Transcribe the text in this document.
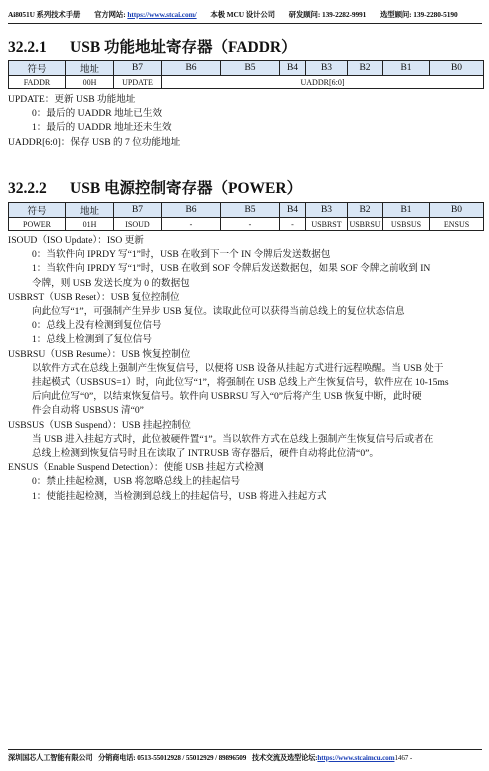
Ai8051U 系列技术手册 官方网站: https://www.stcai.com/ 本极 MCU 设计公司 研发顾问: 139-2282-9991 选型顾问: 139-2280-5190
32.2.1 USB 功能地址寄存器（FADDR）
符号	地址	B7	B6	B5	B4	B3	B2	B1	B0
FADDR	00H	UPDATE	UADDR[6:0]						

UPDATE：更新 USB 功能地址

0：最后的 UADDR 地址已生效

1：最后的 UADDR 地址还未生效

UADDR[6:0]：保存 USB 的 7 位功能地址

32.2.2 USB 电源控制寄存器（POWER）
符号	地址	B7	B6	B5	B4	B3	B2	B1	B0
POWER	01H	ISOUD	-	-	-	USBRST	USBRSU	USBSUS	ENSUS

ISOUD（ISO Update）：ISO 更新

0：当软件向 IPRDY 写“1”时，USB 在收到下一个 IN 令牌后发送数据包

1：当软件向 IPRDY 写“1”时，USB 在收到 SOF 令牌后发送数据包，如果 SOF 令牌之前收到 IN

令牌，则 USB 发送长度为 0 的数据包

USBRST（USB Reset）：USB 复位控制位

向此位写“1”，可强制产生异步 USB 复位。读取此位可以获得当前总线上的复位状态信息

0：总线上没有检测到复位信号

1：总线上检测到了复位信号

USBRSU（USB Resume）：USB 恢复控制位

以软件方式在总线上强制产生恢复信号，以便将 USB 设备从挂起方式进行远程唤醒。当 USB 处于

挂起模式（USBSUS=1）时，向此位写“1”，将强制在 USB 总线上产生恢复信号，软件应在 10-15ms

后向此位写“0”，以结束恢复信号。软件向 USBRSU 写入“0”后将产生 USB 恢复中断，此时硬

件会自动将 USBSUS 清“0”

USBSUS（USB Suspend）：USB 挂起控制位

当 USB 进入挂起方式时，此位被硬件置“1”。当以软件方式在总线上强制产生恢复信号后或者在

总线上检测到恢复信号时且在读取了 INTRUSB 寄存器后，硬件自动将此位清“0”。

ENSUS（Enable Suspend Detection）：使能 USB 挂起方式检测

0：禁止挂起检测，USB 将忽略总线上的挂起信号

1：使能挂起检测，当检测到总线上的挂起信号，USB 将进入挂起方式

深圳国芯人工智能有限公司 分销商电话: 0513-55012928 / 55012929 / 89896509 技术交流及选型论坛:https://www.stcaimcu.com1467 -
